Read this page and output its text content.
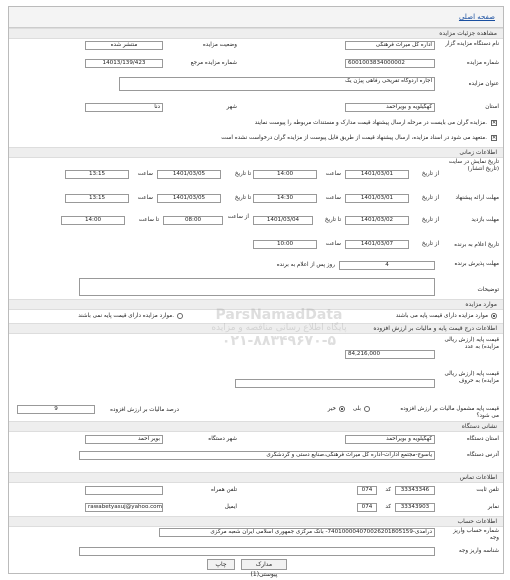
صفحه اصلی
مشاهده جزئیات مزایده
نام دستگاه مزایده گزار
اداره کل میراث فرهنگی
وضعیت مزایده
منتشر شده
شماره مزایده
6001003834000002
شماره مزایده مرجع
14013/139/423
عنوان مزایده
اجاره اردوگاه تفریحی رفاهی پیژن یک
استان
کهگیلویه و بویراحمد
شهر
دنا
✕
مزایده گران می بایست در مرحله ارسال پیشنهاد قیمت مدارک و مستندات مربوطه را پیوست نمایند.
✕
متعهد می شود در اسناد مزایده، ارسال پیشنهاد قیمت از طریق فایل پیوست از مزایده گران درخواست نشده است.
اطلاعات زمانی
تاریخ نمایش در سایت (تاریخ انتشار)
از تاریخ
1401/03/01
ساعت
14:00
تا تاریخ
1401/03/05
ساعت
13:15
مهلت ارائه پیشنهاد
از تاریخ
1401/03/01
ساعت
14:30
تا تاریخ
1401/03/05
ساعت
13:15
مهلت بازدید
از تاریخ
1401/03/02
تا تاریخ
1401/03/04
از ساعت
08:00
تا ساعت
14:00
تاریخ اعلام به برنده
از تاریخ
1401/03/07
ساعت
10:00
مهلت پذیرش برنده
4
روز پس از اعلام به برنده
توضیحات
موارد مزایده
موارد مزایده دارای قیمت پایه می باشند
موارد مزایده دارای قیمت پایه نمی باشند.
اطلاعات درج قیمت پایه و مالیات بر ارزش افزوده
قیمت پایه (ارزش ریالی مزایده) به عدد
84,216,000
قیمت پایه (ارزش ریالی مزایده) به حروف
قیمت پایه مشمول مالیات بر ارزش افزوده می شود؟
بلی
خیر
درصد مالیات بر ارزش افزوده
9
نشانی دستگاه
استان دستگاه
کهگیلویه و بویراحمد
شهر دستگاه
بویر احمد
آدرس دستگاه
یاسوج-مجتمع ادارات-اداره کل میراث فرهنگی،صنایع دستی و گردشگری
اطلاعات تماس
تلفن ثابت
33343346
کد
074
تلفن همراه
نمابر
33343903
کد
074
ایمیل
rawabetyasuj@yahoo.com
اطلاعات حساب
شماره حساب واریز وجه
درآمدی-740100004070026201805159- بانک مرکزی جمهوری اسلامی ایران شعبه مرکزی
شناسه واریز وجه
مدارک پیوستی(1)
چاپ
ParsNamadData
پایگاه اطلاع رسانی مناقصه و مزایده
۰۲۱-۸۸۳۴۹۶۷۰-۵
